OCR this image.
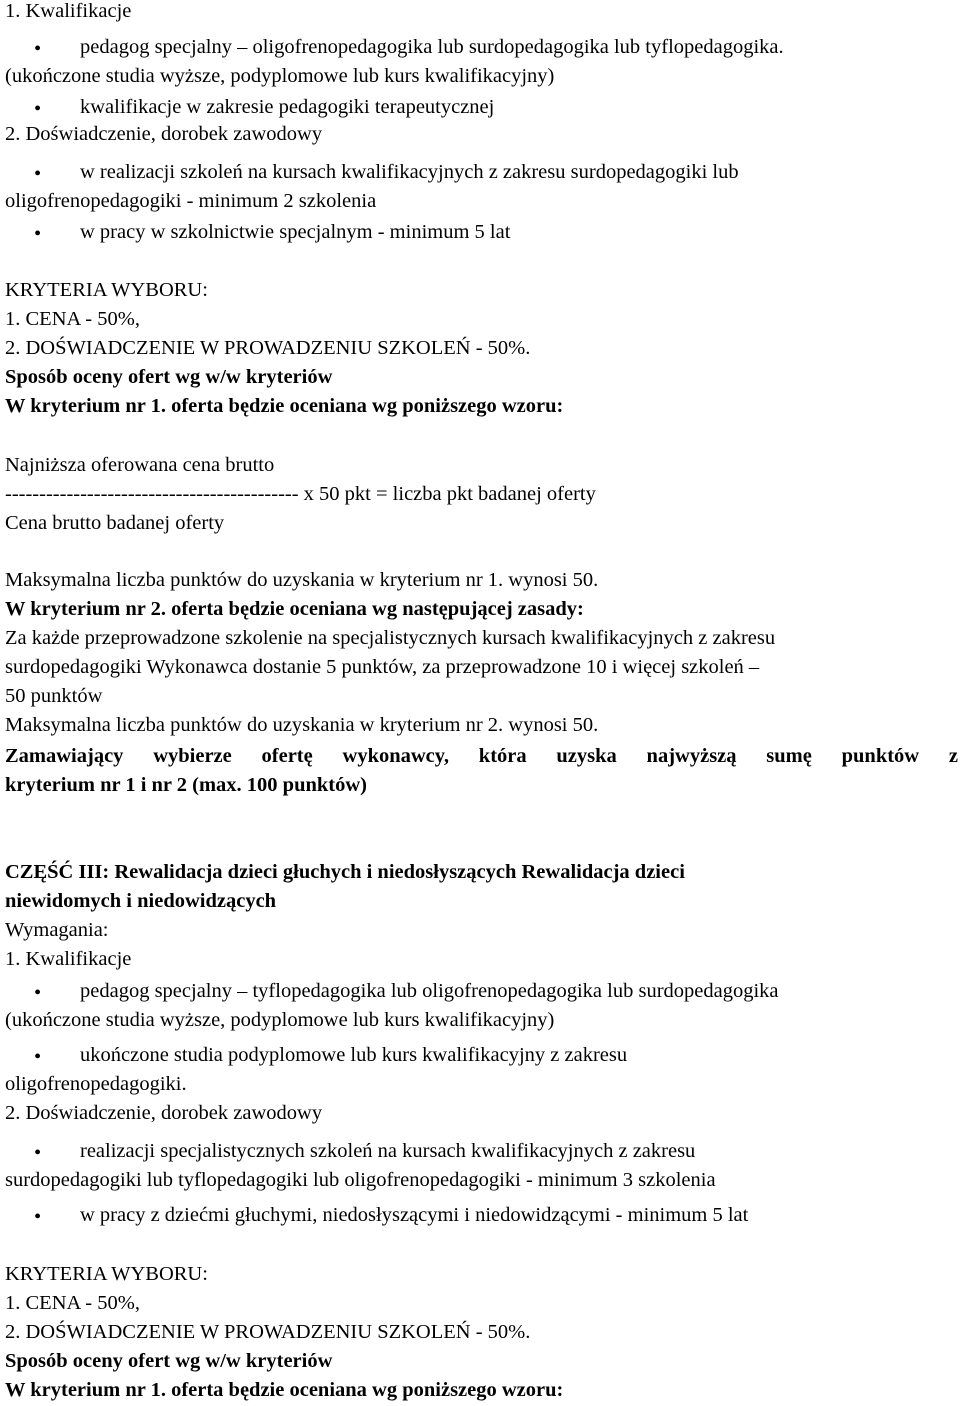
1. Kwalifikacje
• pedagog specjalny – oligofrenopedagogika lub surdopedagogika lub tyflopedagogika.
(ukończone studia wyższe, podyplomowe lub kurs kwalifikacyjny)
• kwalifikacje w zakresie pedagogiki terapeutycznej
2. Doświadczenie, dorobek zawodowy
• w realizacji szkoleń na kursach kwalifikacyjnych z zakresu surdopedagogiki lub
oligofrenopedagogiki - minimum 2 szkolenia
• w pracy w szkolnictwie specjalnym - minimum 5 lat
KRYTERIA WYBORU:
1. CENA - 50%,
2. DOŚWIADCZENIE W PROWADZENIU SZKOLEŃ - 50%.
Sposób oceny ofert wg w/w kryteriów
W kryterium nr 1. oferta będzie oceniana wg poniższego wzoru:
Najniższa oferowana cena brutto
------------------------------------------- x 50 pkt = liczba pkt badanej oferty
Cena brutto badanej oferty
Maksymalna liczba punktów do uzyskania w kryterium nr 1. wynosi 50.
W kryterium nr 2. oferta będzie oceniana wg następującej zasady:
Za każde przeprowadzone szkolenie na specjalistycznych kursach kwalifikacyjnych z zakresu
surdopedagogiki Wykonawca dostanie 5 punktów, za przeprowadzone 10 i więcej szkoleń –
50 punktów
Maksymalna liczba punktów do uzyskania w kryterium nr 2. wynosi 50.
Zamawiający wybierze ofertę wykonawcy, która uzyska najwyższą sumę punktów z
kryterium nr 1 i nr 2 (max. 100 punktów)
CZĘŚĆ III: Rewalidacja dzieci głuchych i niedosłyszących Rewalidacja dzieci
niewidomych i niedowidzących
Wymagania:
1. Kwalifikacje
• pedagog specjalny – tyflopedagogika lub oligofrenopedagogika lub surdopedagogika
(ukończone studia wyższe, podyplomowe lub kurs kwalifikacyjny)
• ukończone studia podyplomowe lub kurs kwalifikacyjny z zakresu
oligofrenopedagogiki.
2. Doświadczenie, dorobek zawodowy
• realizacji specjalistycznych szkoleń na kursach kwalifikacyjnych z zakresu
surdopedagogiki lub tyflopedagogiki lub oligofrenopedagogiki - minimum 3 szkolenia
• w pracy z dziećmi głuchymi, niedosłyszącymi i niedowidzącymi - minimum 5 lat
KRYTERIA WYBORU:
1. CENA - 50%,
2. DOŚWIADCZENIE W PROWADZENIU SZKOLEŃ - 50%.
Sposób oceny ofert wg w/w kryteriów
W kryterium nr 1. oferta będzie oceniana wg poniższego wzoru:
